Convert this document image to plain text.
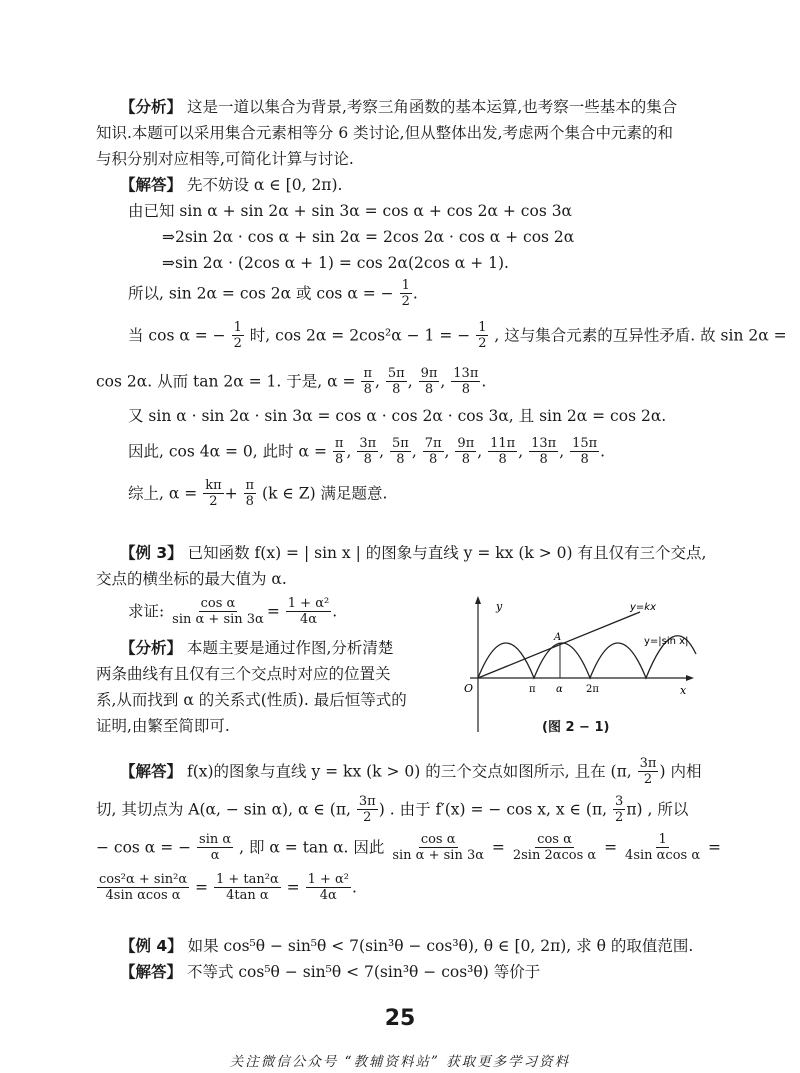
【分析】 这是一道以集合为背景,考察三角函数的基本运算,也考察一些基本的集合
知识.本题可以采用集合元素相等分 6 类讨论,但从整体出发,考虑两个集合中元素的和
与积分别对应相等,可简化计算与讨论.
【解答】 先不妨设 α ∈ [0, 2π).
由已知 sin α + sin 2α + sin 3α = cos α + cos 2α + cos 3α
⇒2sin 2α · cos α + sin 2α = 2cos 2α · cos α + cos 2α
⇒sin 2α · (2cos α + 1) = cos 2α(2cos α + 1).
所以, sin 2α = cos 2α 或 cos α = − $\frac{1}{2}$ .
当 cos α = − $\frac{1}{2}$ 时, cos 2α = 2cos²α − 1 = − $\frac{1}{2}$ , 这与集合元素的互异性矛盾. 故 sin 2α =
cos 2α. 从而 tan 2α = 1. 于是, $\alpha = \frac{\pi}{8}$ , $\frac{5\pi}{8}$ , $\frac{9\pi}{8}$ , $\frac{13\pi}{8}$ .
又 sin α · sin 2α · sin 3α = cos α · cos 2α · cos 3α, 且 sin 2α = cos 2α.
因此, cos 4α = 0, 此时 $\alpha = \frac{\pi}{8}$ , $\frac{3\pi}{8}$ , $\frac{5\pi}{8}$ , $\frac{7\pi}{8}$ , $\frac{9\pi}{8}$ , $\frac{11\pi}{8}$ , $\frac{13\pi}{8}$ , $\frac{15\pi}{8}$ .
综上, $\alpha = \frac{k\pi}{2} + \frac{\pi}{8} (k$ ∈ Z) 满足题意.
【例 3】 已知函数 f(x) = | sin x | 的图象与直线 y = kx (k > 0) 有且仅有三个交点,
交点的横坐标的最大值为 α.
求证: $\frac{\text{cos α}}{\text{sin α + sin 3α}} = \frac{\text{1 + α²}}{4\alpha}$ .
【分析】 本题主要是通过作图,分析清楚
两条曲线有且仅有三个交点时对应的位置关
系,从而找到 α 的关系式(性质). 最后恒等式的
证明,由繁至简即可.
y
x
O
y=kx
y=|sin x|
A
π α 2π
(图 2 − 1)
【解答】 f(x)的图象与直线 y = kx (k > 0) 的三个交点如图所示, 且在 (π, $\frac{3\pi}{2}$ ) 内相
切, 其切点为 A(α, − sin α), α ∈ (π, $\frac{3\pi}{2}$ ) . 由于 f′(x) = − cos x, x ∈ (π, $\frac{3}{2} \pi$) , 所以
− cos α = − $\frac{\text{sin α}}{\alpha}$ , 即 α = tan α. 因此 $\frac{\text{cos α}}{\text{sin α + sin 3α}} = \frac{\text{cos α}}{\text{2sin 2αcos α}} = \frac{1}{\text{4sin αcos α}}$ =
$\frac{\text{cos²α + sin²α}}{\text{4sin αcos α}} = \frac{\text{1 + tan²α}}{\text{4tan α}} = \frac{\text{1 + α²}}{4\alpha}$ .
【例 4】 如果 cos⁵θ − sin⁵θ < 7(sin³θ − cos³θ), θ ∈ [0, 2π), 求 θ 的取值范围.
【解答】 不等式 cos⁵θ − sin⁵θ < 7(sin³θ − cos³θ) 等价于
25
关注微信公众号 “教辅资料站” 获取更多学习资料
